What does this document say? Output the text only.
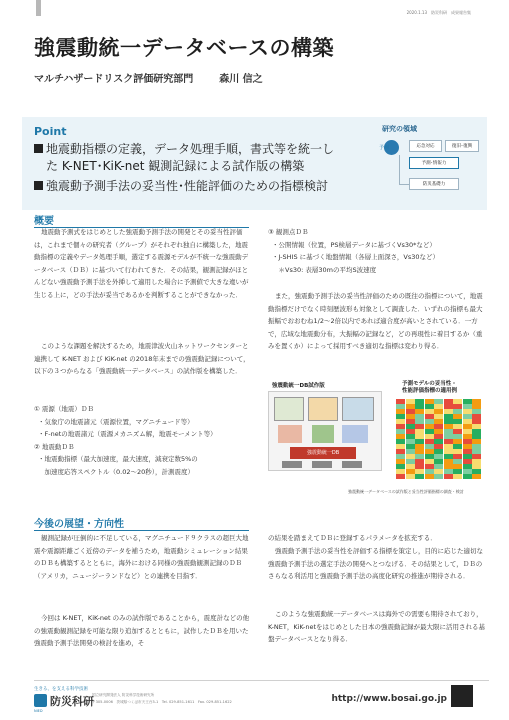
2020.1.13　防災科研　成果報告集
強震動統一データベースの構築
マルチハザードリスク評価研究部門	森川 信之
Point
地震動指標の定義，データ処理手順，書式等を統一し
た K-NET･KiK-net 観測記録による試作版の構築
強震動予測手法の妥当性･性能評価のための指標検討
研究の領域
予測	応急対応	復旧･復興
予測･情報力
防災基礎力
概要
地震動予測式をはじめとした強震動予測手法の開発とその妥当性評価は，これまで個々の研究者（グループ）がそれぞれ独自に構築した，地震動指標の定義やデータ処理手順，選定する震源モデルが不統一な強震動データベース（ＤＢ）に基づいて行われてきた．その結果，観測記録がほとんどない強震動予測手法を外挿して適用した場合に予測値で大きな違いが生じる上に，どの手法が妥当であるかを判断することができなかった．
このような課題を解決するため，地震津波火山ネットワークセンターと連携して K-NET および KiK-net の2018年末までの強震動記録について，以下の３つからなる「強震動統一データベース」の試作版を構築した．
① 震源（地震）ＤＢ
・気象庁の地震諸元（震源位置，マグニチュード等）
・F-netの地震諸元（震源メカニズム解，地震モーメント等）
② 地震動ＤＢ
・地震動指標（最大加速度，最大速度，減衰定数5%の
　加速度応答スペクトル（0.02〜20秒），計測震度）
③ 観測点ＤＢ
・公開情報（位置，PS検層データに基づくVs30*など）
・J-SHIS に基づく地盤情報（各層上面深さ，Vs30など）
　＊Vs30: 表層30mの平均S波速度
また，強震動予測手法の妥当性評価のための既往の指標について，地震動指標だけでなく時刻歴波形も対象として調査した．いずれの指標も最大振幅でおおむね1/2〜2倍以内であれば適合度が高いとされている．一方で，広域な地震動分布，大振幅の記録など，どの再現性に着目するか（重みを置くか）によって採用すべき適切な指標は変わり得る．
強震動統一DB試作版
強震動統一DB
予測モデルの妥当性・
性能評価指標の適用例
強震動統一データベースの試作版と妥当性評価指標の調査・検討
今後の展望・方向性
観測記録が圧倒的に不足している，マグニチュード９クラスの超巨大地震や震源距離ごく近傍のデータを補うため，地震動シミュレーション結果のＤＢも構築するとともに，海外における同様の強震動観測記録のＤＢ（アメリカ，ニュージーランドなど）との連携を目指す．
今回は K-NET，KiK-net のみの試作版であることから，震度計などの他の強震動観測記録を可能な限り追加するとともに，試作したＤＢを用いた強震動予測手法開発の検討を進め，そ
の結果を踏まえてＤＢに登録するパラメータを拡充する．
強震動予測手法の妥当性を評価する指標を策定し，目的に応じた適切な強震動予測手法の選定手法の開発へとつなげる．その結果として，ＤＢのさらなる利活用と強震動予測手法の高度化研究の推進が期待される．
このような強震動統一データベースは海外での需要も期待されており，K-NET，KiK-netをはじめとした日本の強震動記録が最大限に活用される基盤データベースとなり得る．
生きる、を支える科学技術
防災科研
NIED
国立研究開発法人 防災科学技術研究所
〒305-0006　茨城県つくば市天王台3-1　Tel. 029-851-1611　Fax. 029-851-1622	http://www.bosai.go.jp
